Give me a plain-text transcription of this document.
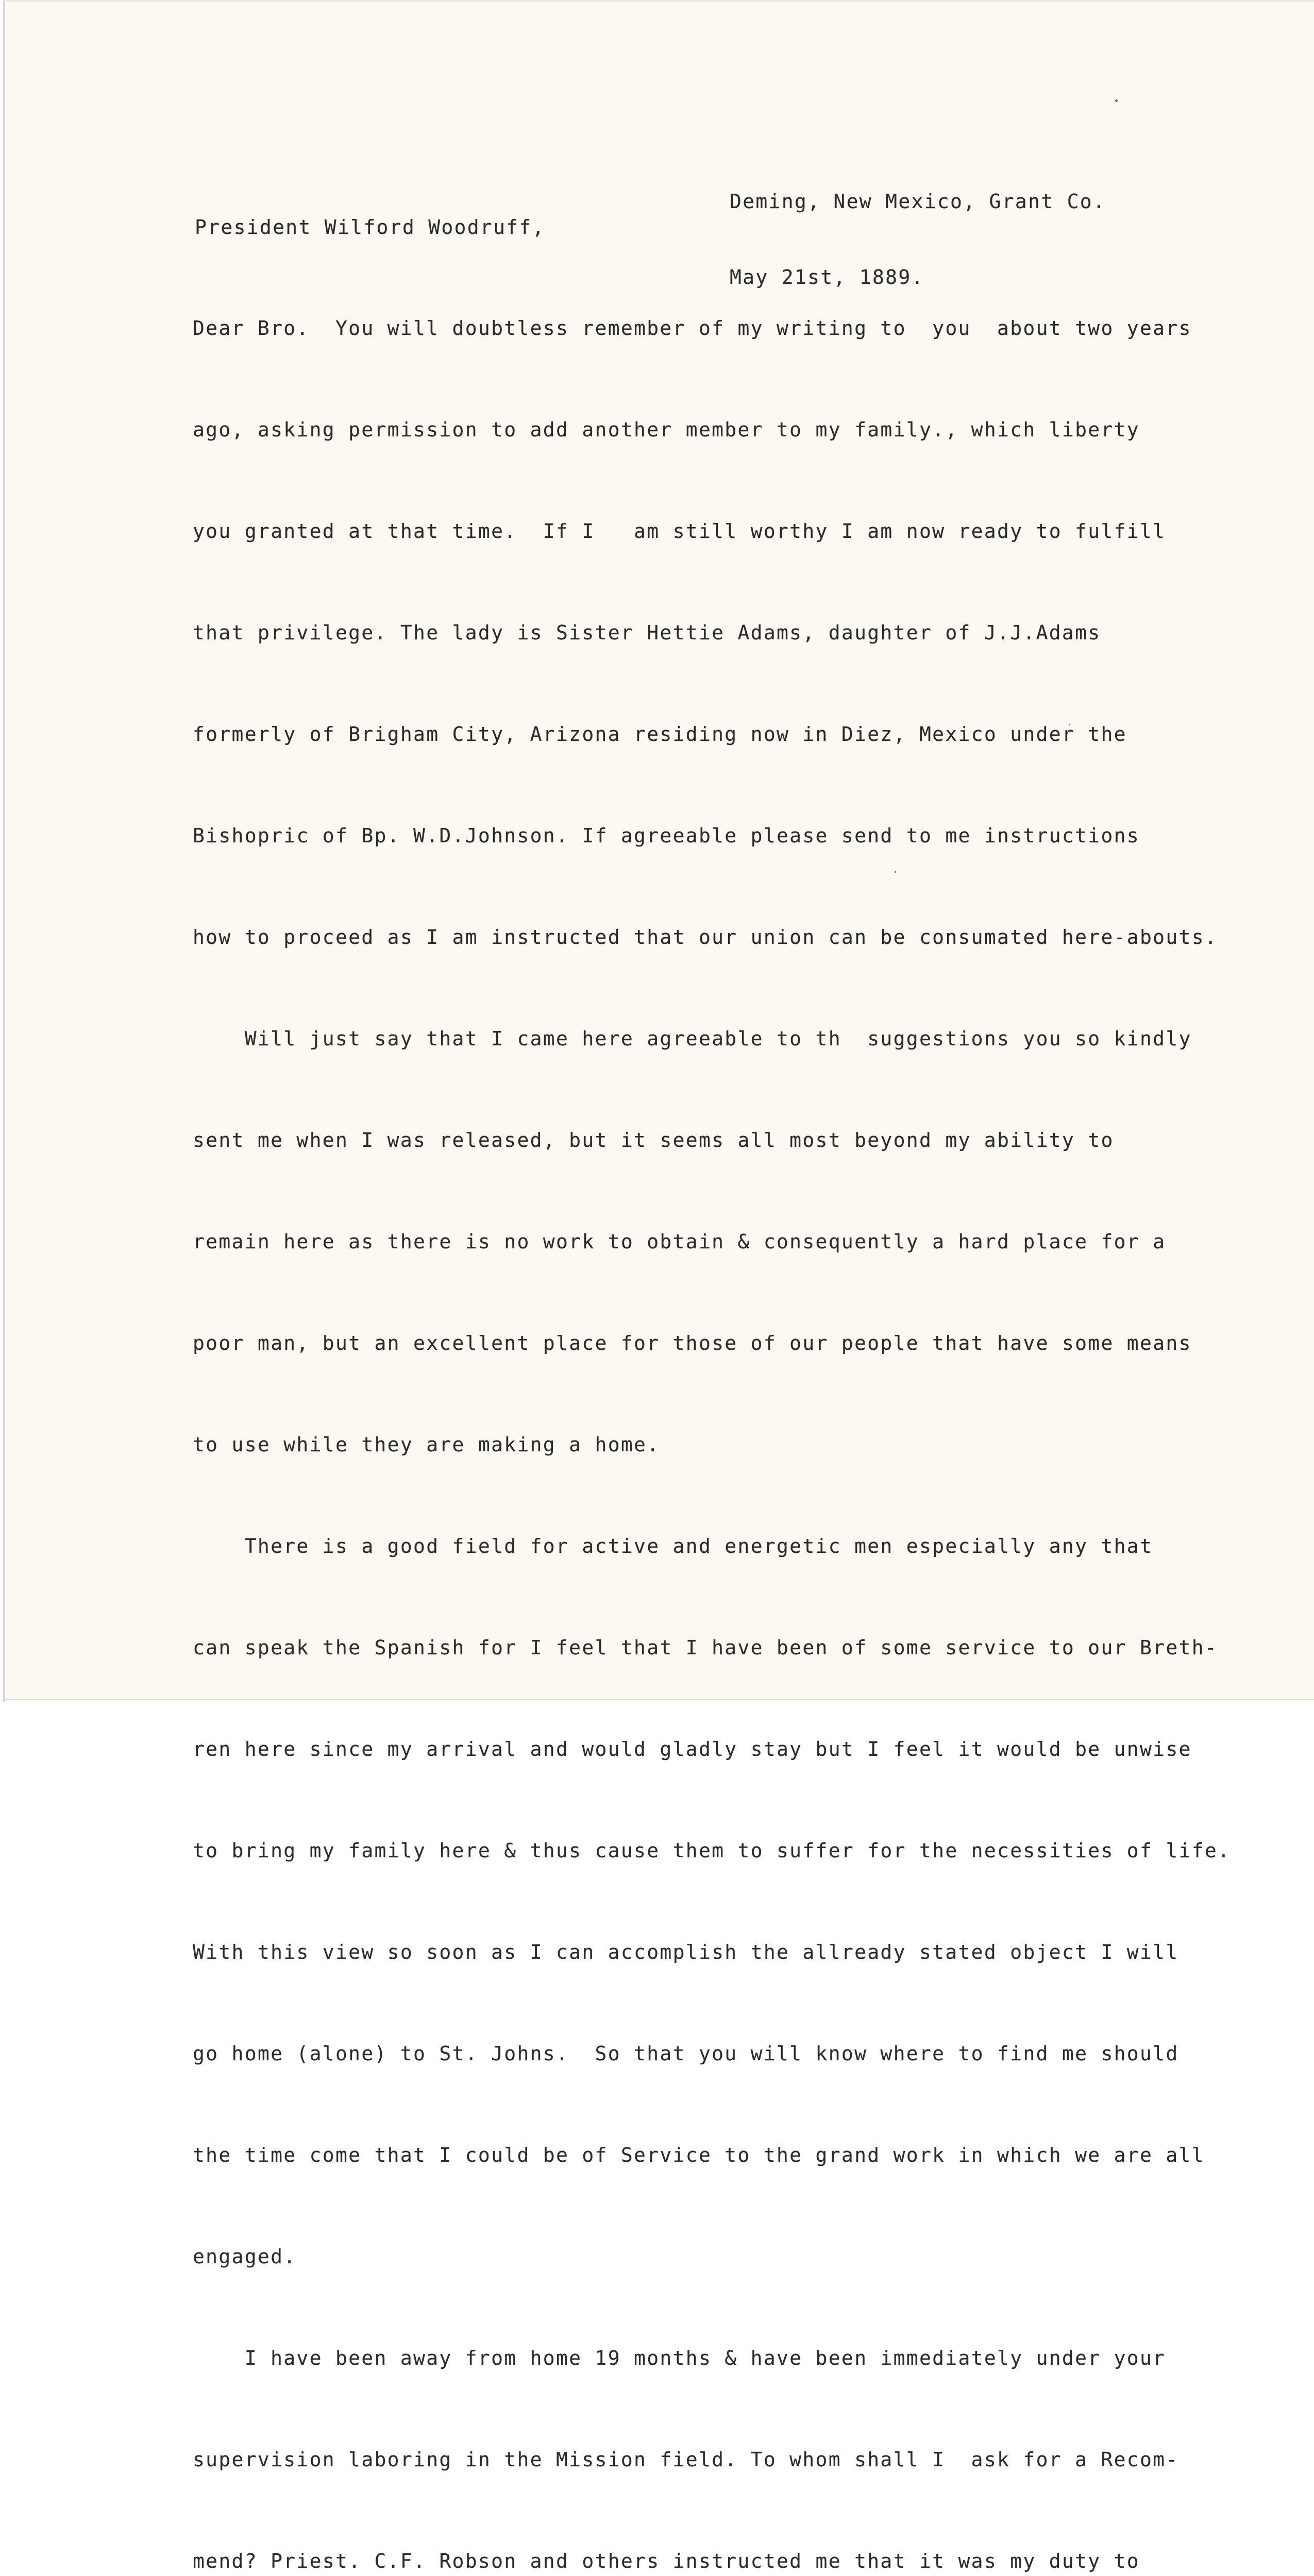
Deming, New Mexico, Grant Co.

May 21st, 1889.

President Wilford Woodruff,

Dear Bro.  You will doubtless remember of my writing to  you  about two years

ago, asking permission to add another member to my family., which liberty

you granted at that time.  If I   am still worthy I am now ready to fulfill

that privilege. The lady is Sister Hettie Adams, daughter of J.J.Adams

formerly of Brigham City, Arizona residing now in Diez, Mexico under the

Bishopric of Bp. W.D.Johnson. If agreeable please send to me instructions

how to proceed as I am instructed that our union can be consumated here-abouts.

Will just say that I came here agreeable to th  suggestions you so kindly

sent me when I was released, but it seems all most beyond my ability to

remain here as there is no work to obtain & consequently a hard place for a

poor man, but an excellent place for those of our people that have some means

to use while they are making a home.

There is a good field for active and energetic men especially any that

can speak the Spanish for I feel that I have been of some service to our Breth-

ren here since my arrival and would gladly stay but I feel it would be unwise

to bring my family here & thus cause them to suffer for the necessities of life.

With this view so soon as I can accomplish the allready stated object I will

go home (alone) to St. Johns.  So that you will know where to find me should

the time come that I could be of Service to the grand work in which we are all

engaged.

I have been away from home 19 months & have been immediately under your

supervision laboring in the Mission field. To whom shall I  ask for a Recom-

mend? Priest. C.F. Robson and others instructed me that it was my duty to
